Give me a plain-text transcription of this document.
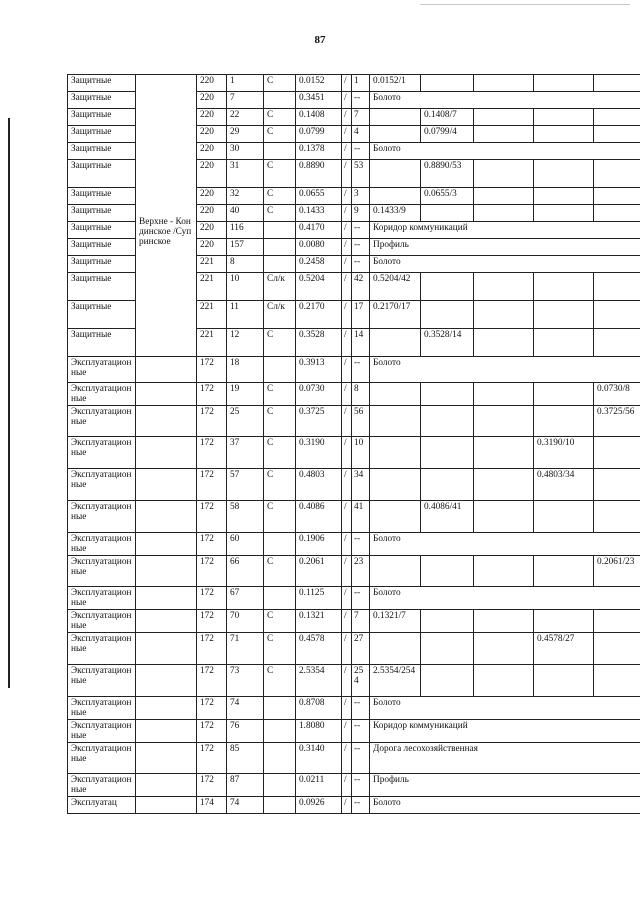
87
Защитные	Верхне - Кондинское /Супринское	220	1	С	0.0152	/	1	0.0152/1				
Защитные		220	7		0.3451	/	--	Болото				
Защитные		220	22	С	0.1408	/	7		0.1408/7			
Защитные		220	29	С	0.0799	/	4		0.0799/4			
Защитные		220	30		0.1378	/	--	Болото				
Защитные		220	31	С	0.8890	/	53		0.8890/53			
Защитные		220	32	С	0.0655	/	3		0.0655/3			
Защитные		220	40	С	0.1433	/	9	0.1433/9				
Защитные		220	116		0.4170	/	--	Коридор коммуникаций				
Защитные		220	157		0.0080	/	--	Профиль				
Защитные		221	8		0.2458	/	--	Болото				
Защитные		221	10	Сл/к	0.5204	/	42	0.5204/42				
Защитные		221	11	Сл/к	0.2170	/	17	0.2170/17				
Защитные		221	12	С	0.3528	/	14		0.3528/14			
Эксплуатационные		172	18		0.3913	/	--	Болото				
Эксплуатационные		172	19	С	0.0730	/	8					0.0730/8
Эксплуатационные		172	25	С	0.3725	/	56					0.3725/56
Эксплуатационные		172	37	С	0.3190	/	10				0.3190/10	
Эксплуатационные		172	57	С	0.4803	/	34				0.4803/34	
Эксплуатационные		172	58	С	0.4086	/	41		0.4086/41			
Эксплуатационные		172	60		0.1906	/	--	Болото				
Эксплуатационные		172	66	С	0.2061	/	23					0.2061/23
Эксплуатационные		172	67		0.1125	/	--	Болото				
Эксплуатационные		172	70	С	0.1321	/	7	0.1321/7				
Эксплуатационные		172	71	С	0.4578	/	27				0.4578/27	
Эксплуатационные		172	73	С	2.5354	/	254	2.5354/254				
Эксплуатационные		172	74		0.8708	/	--	Болото				
Эксплуатационные		172	76		1.8080	/	--	Коридор коммуникаций				
Эксплуатационные		172	85		0.3140	/	--	Дорога лесохозяйственная				
Эксплуатационные		172	87		0.0211	/	--	Профиль				
Эксплуатац		174	74		0.0926	/	--	Болото				
